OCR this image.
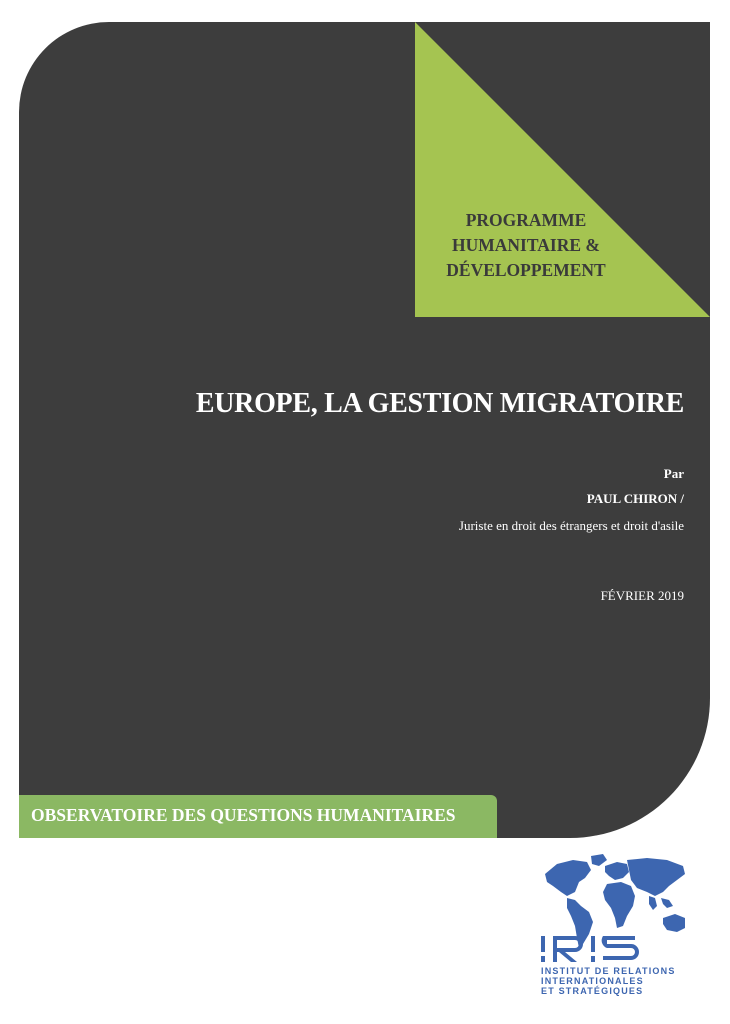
PROGRAMME
HUMANITAIRE &
DÉVELOPPEMENT
EUROPE, LA GESTION MIGRATOIRE
Par
PAUL CHIRON /
Juriste en droit des étrangers et droit d'asile
FÉVRIER 2019
OBSERVATOIRE DES QUESTIONS HUMANITAIRES
INSTITUT DE RELATIONS
INTERNATIONALES
ET STRATÉGIQUES
